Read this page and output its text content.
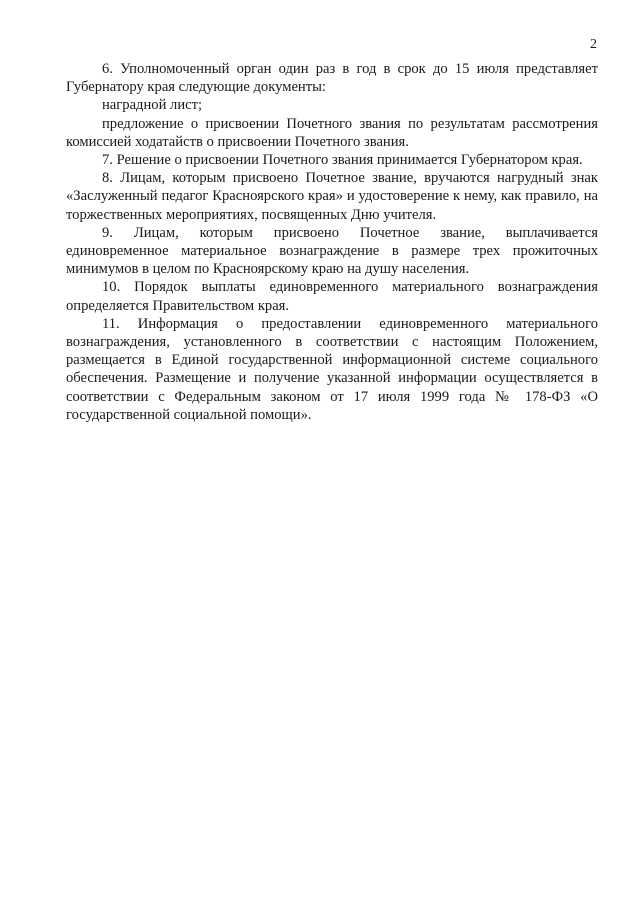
2

6. Уполномоченный орган один раз в год в срок до 15 июля представляет Губернатору края следующие документы:

наградной лист;

предложение о присвоении Почетного звания по результатам рассмотрения комиссией ходатайств о присвоении Почетного звания.

7. Решение о присвоении Почетного звания принимается Губернатором края.

8. Лицам, которым присвоено Почетное звание, вручаются нагрудный знак «Заслуженный педагог Красноярского края» и удостоверение к нему, как правило, на торжественных мероприятиях, посвященных Дню учителя.

9. Лицам, которым присвоено Почетное звание, выплачивается единовременное материальное вознаграждение в размере трех прожиточных минимумов в целом по Красноярскому краю на душу населения.

10. Порядок выплаты единовременного материального вознаграждения определяется Правительством края.

11. Информация о предоставлении единовременного материального вознаграждения, установленного в соответствии с настоящим Положением, размещается в Единой государственной информационной системе социального обеспечения. Размещение и получение указанной информации осуществляется в соответствии с Федеральным законом от 17 июля 1999 года № 178-ФЗ «О государственной социальной помощи».
